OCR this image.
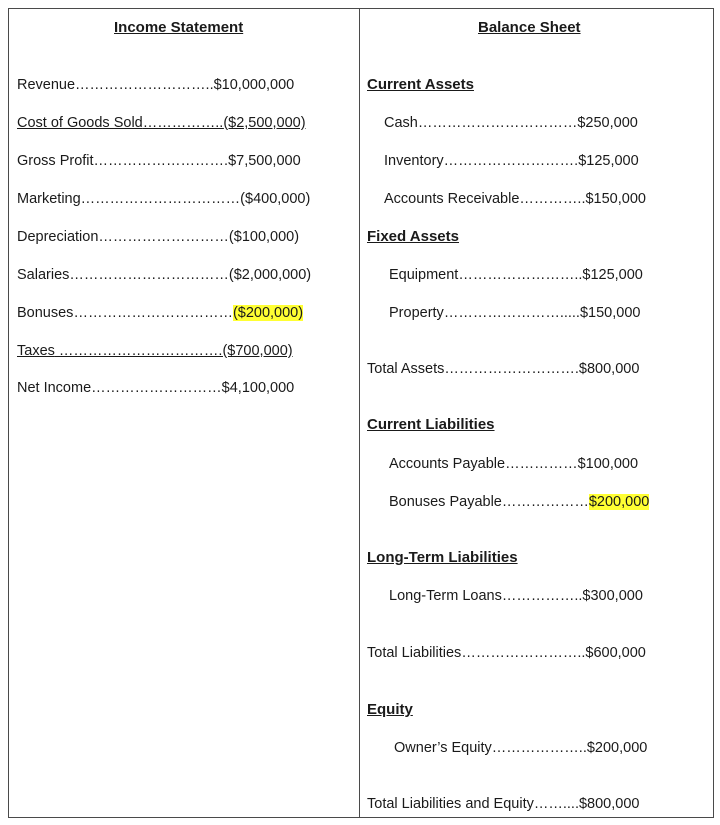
Income Statement
Revenue………………………..$10,000,000
Cost of Goods Sold……………..($2,500,000)
Gross Profit……………………….$7,500,000
Marketing……………………………($400,000)
Depreciation………………………($100,000)
Salaries……………………………($2,000,000)
Bonuses……………………………($200,000)
Taxes …………………………….($700,000)
Net Income………………………$4,100,000
Balance Sheet
Current Assets
Cash……………………………$250,000
Inventory……………………….$125,000
Accounts Receivable…………..$150,000
Fixed Assets
Equipment……………………..$125,000
Property…………………….....$150,000
Total Assets……………………….$800,000
Current Liabilities
Accounts Payable……………$100,000
Bonuses Payable………………$200,000
Long-Term Liabilities
Long-Term Loans……………..$300,000
Total Liabilities……………………..$600,000
Equity
Owner’s Equity………………..$200,000
Total Liabilities and Equity……....$800,000
